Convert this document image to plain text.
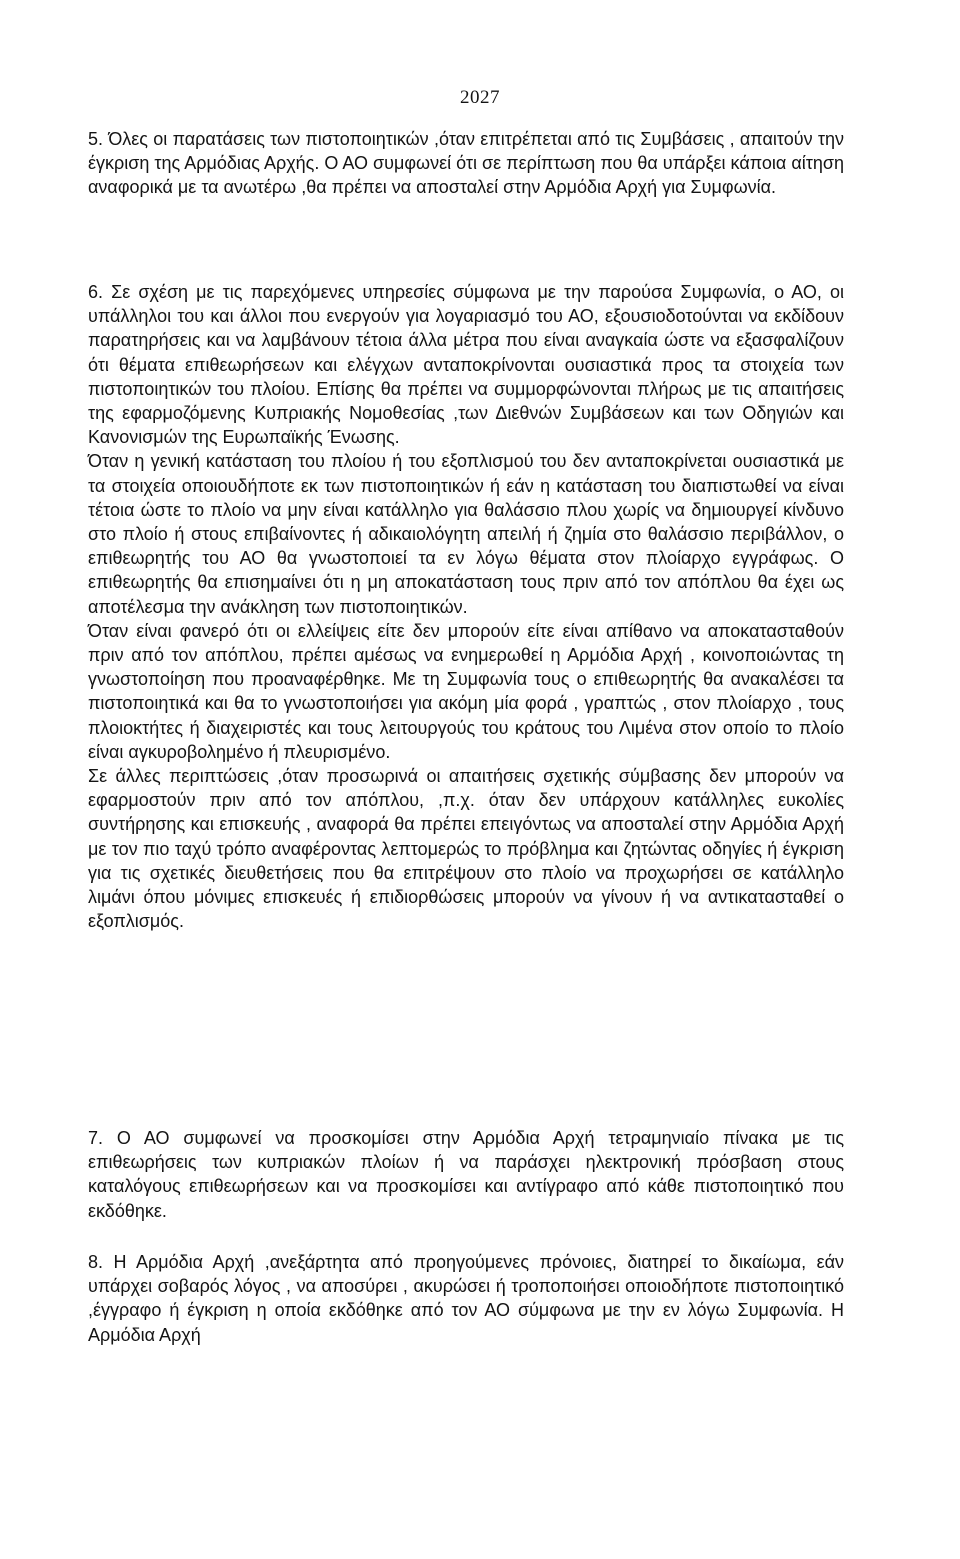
2027

5. Όλες οι παρατάσεις των πιστοποιητικών ,όταν επιτρέπεται από τις Συμβάσεις , απαιτούν την έγκριση της Αρμόδιας Αρχής. Ο ΑΟ συμφωνεί ότι σε περίπτωση που θα υπάρξει κάποια αίτηση αναφορικά με τα ανωτέρω ,θα πρέπει να αποσταλεί στην Αρμόδια Αρχή για Συμφωνία.

6. Σε σχέση με τις παρεχόμενες υπηρεσίες σύμφωνα με την παρούσα Συμφωνία, ο ΑΟ, οι υπάλληλοι του και άλλοι που ενεργούν για λογαριασμό του ΑΟ, εξουσιοδοτούνται να εκδίδουν παρατηρήσεις και να λαμβάνουν τέτοια άλλα μέτρα που είναι αναγκαία ώστε να εξασφαλίζουν ότι θέματα επιθεωρήσεων και ελέγχων ανταποκρίνονται ουσιαστικά προς τα στοιχεία των πιστοποιητικών του πλοίου. Επίσης θα πρέπει να συμμορφώνονται πλήρως με τις απαιτήσεις της εφαρμοζόμενης Κυπριακής Νομοθεσίας ,των Διεθνών Συμβάσεων και των Οδηγιών και Κανονισμών της Ευρωπαϊκής Ένωσης.
Όταν η γενική κατάσταση του πλοίου ή του εξοπλισμού του δεν ανταποκρίνεται ουσιαστικά με τα στοιχεία οποιουδήποτε εκ των πιστοποιητικών ή εάν η κατάσταση του διαπιστωθεί να είναι τέτοια ώστε το πλοίο να μην είναι κατάλληλο για θαλάσσιο πλου χωρίς να δημιουργεί κίνδυνο στο πλοίο ή στους επιβαίνοντες ή αδικαιολόγητη απειλή ή ζημία στο θαλάσσιο περιβάλλον, ο επιθεωρητής του ΑΟ θα γνωστοποιεί τα εν λόγω θέματα στον πλοίαρχο εγγράφως. Ο επιθεωρητής θα επισημαίνει ότι η μη αποκατάσταση τους πριν από τον απόπλου θα έχει ως αποτέλεσμα την ανάκληση των πιστοποιητικών.
Όταν είναι φανερό ότι οι ελλείψεις είτε δεν μπορούν είτε είναι απίθανο να αποκατασταθούν πριν από τον απόπλου, πρέπει αμέσως να ενημερωθεί η Αρμόδια Αρχή , κοινοποιώντας τη γνωστοποίηση που προαναφέρθηκε. Με τη Συμφωνία τους ο επιθεωρητής θα ανακαλέσει τα πιστοποιητικά και θα το γνωστοποιήσει για ακόμη μία φορά , γραπτώς , στον πλοίαρχο , τους πλοιοκτήτες ή διαχειριστές και τους λειτουργούς του κράτους του Λιμένα στον οποίο το πλοίο είναι αγκυροβολημένο ή πλευρισμένο.
Σε άλλες περιπτώσεις ,όταν προσωρινά οι απαιτήσεις σχετικής σύμβασης δεν μπορούν να εφαρμοστούν πριν από τον απόπλου, ,π.χ. όταν δεν υπάρχουν κατάλληλες ευκολίες συντήρησης και επισκευής , αναφορά θα πρέπει επειγόντως να αποσταλεί στην Αρμόδια Αρχή με τον πιο ταχύ τρόπο αναφέροντας λεπτομερώς το πρόβλημα και ζητώντας οδηγίες ή έγκριση για τις σχετικές διευθετήσεις που θα επιτρέψουν στο πλοίο να προχωρήσει σε κατάλληλο λιμάνι όπου μόνιμες επισκευές ή επιδιορθώσεις μπορούν να γίνουν ή να αντικατασταθεί ο εξοπλισμός.

7. Ο ΑΟ συμφωνεί να προσκομίσει στην Αρμόδια Αρχή τετραμηνιαίο πίνακα με τις επιθεωρήσεις των κυπριακών πλοίων ή να παράσχει ηλεκτρονική πρόσβαση στους καταλόγους επιθεωρήσεων και να προσκομίσει και αντίγραφο από κάθε πιστοποιητικό που εκδόθηκε.

8. Η Αρμόδια Αρχή ,ανεξάρτητα από προηγούμενες πρόνοιες, διατηρεί το δικαίωμα, εάν υπάρχει σοβαρός λόγος , να αποσύρει , ακυρώσει ή τροποποιήσει οποιοδήποτε πιστοποιητικό ,έγγραφο ή έγκριση η οποία εκδόθηκε από τον ΑΟ σύμφωνα με την εν λόγω Συμφωνία. Η Αρμόδια Αρχή
